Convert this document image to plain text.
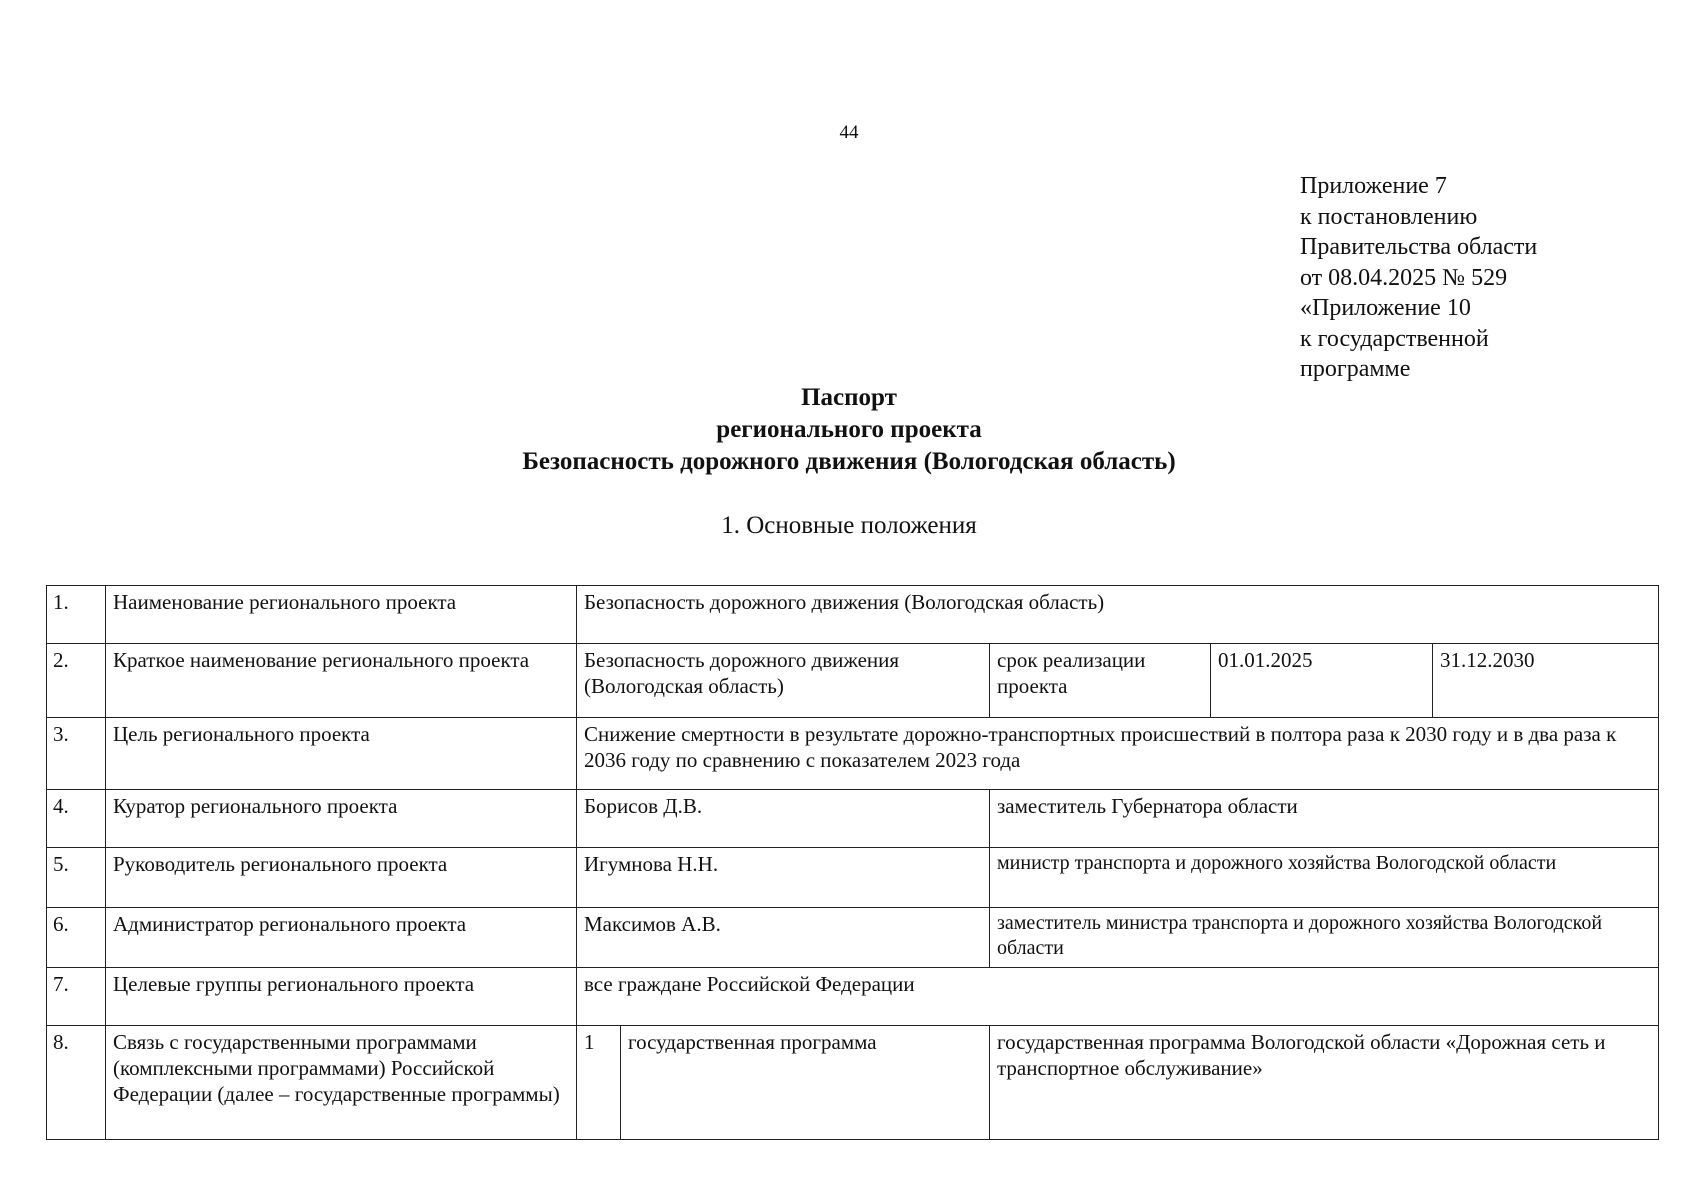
44
Приложение 7
к постановлению
Правительства области
от 08.04.2025 № 529
«Приложение 10
к государственной
программе
Паспорт
регионального проекта
Безопасность дорожного движения (Вологодская область)
1. Основные положения
1.	Наименование регионального проекта	Безопасность дорожного движения (Вологодская область)				
2.	Краткое наименование регионального проекта	Безопасность дорожного движения (Вологодская область)		срок реализации проекта	01.01.2025	31.12.2030
3.	Цель регионального проекта	Снижение смертности в результате дорожно-транспортных происшествий в полтора раза к 2030 году и в два раза к 2036 году по сравнению с показателем 2023 года				
4.	Куратор регионального проекта	Борисов Д.В.		заместитель Губернатора области		
5.	Руководитель регионального проекта	Игумнова Н.Н.		министр транспорта и дорожного хозяйства Вологодской области		
6.	Администратор регионального проекта	Максимов А.В.		заместитель министра транспорта и дорожного хозяйства Вологодской области		
7.	Целевые группы регионального проекта	все граждане Российской Федерации				
8.	Связь с государственными программами (комплексными программами) Российской Федерации (далее – государственные программы)	1	государственная программа	государственная программа Вологодской области «Дорожная сеть и транспортное обслуживание»		
